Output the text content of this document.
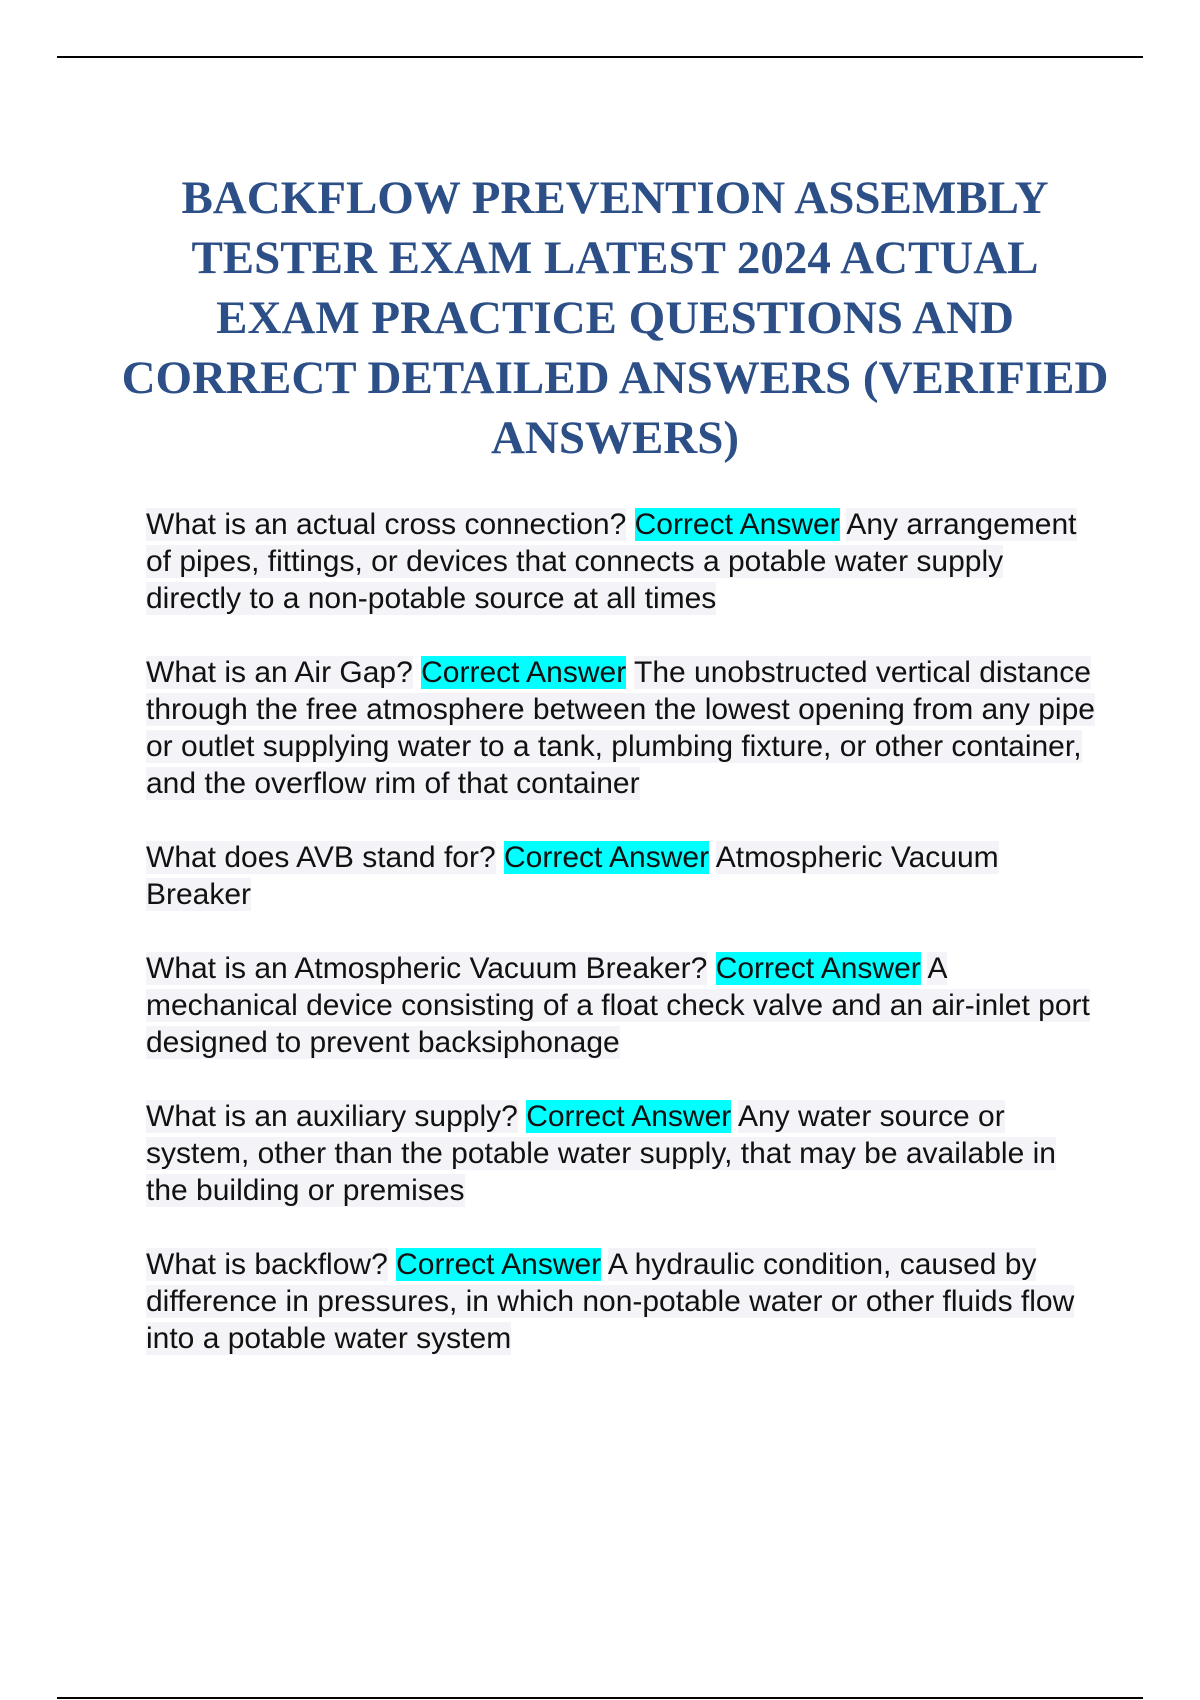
BACKFLOW PREVENTION ASSEMBLY TESTER EXAM LATEST 2024 ACTUAL EXAM PRACTICE QUESTIONS AND CORRECT DETAILED ANSWERS (VERIFIED ANSWERS)

What is an actual cross connection? Correct Answer Any arrangement of pipes, fittings, or devices that connects a potable water supply directly to a non-potable source at all times

What is an Air Gap? Correct Answer The unobstructed vertical distance through the free atmosphere between the lowest opening from any pipe or outlet supplying water to a tank, plumbing fixture, or other container, and the overflow rim of that container

What does AVB stand for? Correct Answer Atmospheric Vacuum Breaker

What is an Atmospheric Vacuum Breaker? Correct Answer A mechanical device consisting of a float check valve and an air-inlet port designed to prevent backsiphonage

What is an auxiliary supply? Correct Answer Any water source or system, other than the potable water supply, that may be available in the building or premises

What is backflow? Correct Answer A hydraulic condition, caused by difference in pressures, in which non-potable water or other fluids flow into a potable water system
